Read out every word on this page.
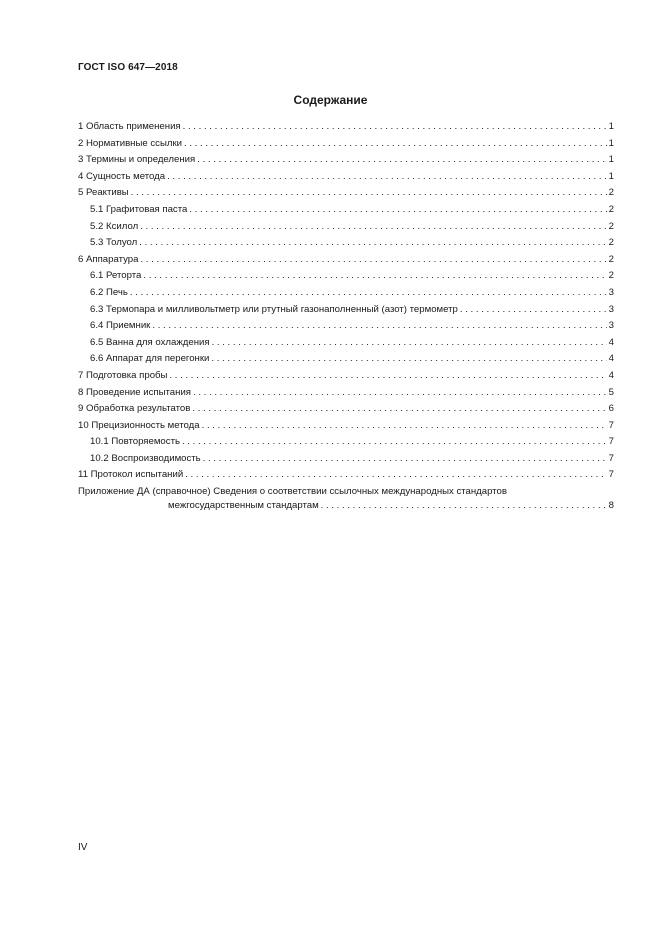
ГОСТ ISO 647—2018
Содержание
1 Область применения . . .	1
2 Нормативные ссылки . . .	1
3 Термины и определения . . .	1
4 Сущность метода . . .	1
5 Реактивы . . .	2
5.1 Графитовая паста . . .	2
5.2 Ксилол . . .	2
5.3 Толуол . . .	2
6 Аппаратура . . .	2
6.1 Реторта . . .	2
6.2 Печь . . .	3
6.3 Термопара и милливольтметр или ртутный газонаполненный (азот) термометр . . .	3
6.4 Приемник . . .	3
6.5 Ванна для охлаждения . . .	4
6.6 Аппарат для перегонки . . .	4
7 Подготовка пробы . . .	4
8 Проведение испытания . . .	5
9 Обработка результатов . . .	6
10 Прецизионность метода . . .	7
10.1 Повторяемость . . .	7
10.2 Воспроизводимость . . .	7
11 Протокол испытаний . . .	7
Приложение ДА (справочное) Сведения о соответствии ссылочных международных стандартов
межгосударственным стандартам . . .	8
IV
